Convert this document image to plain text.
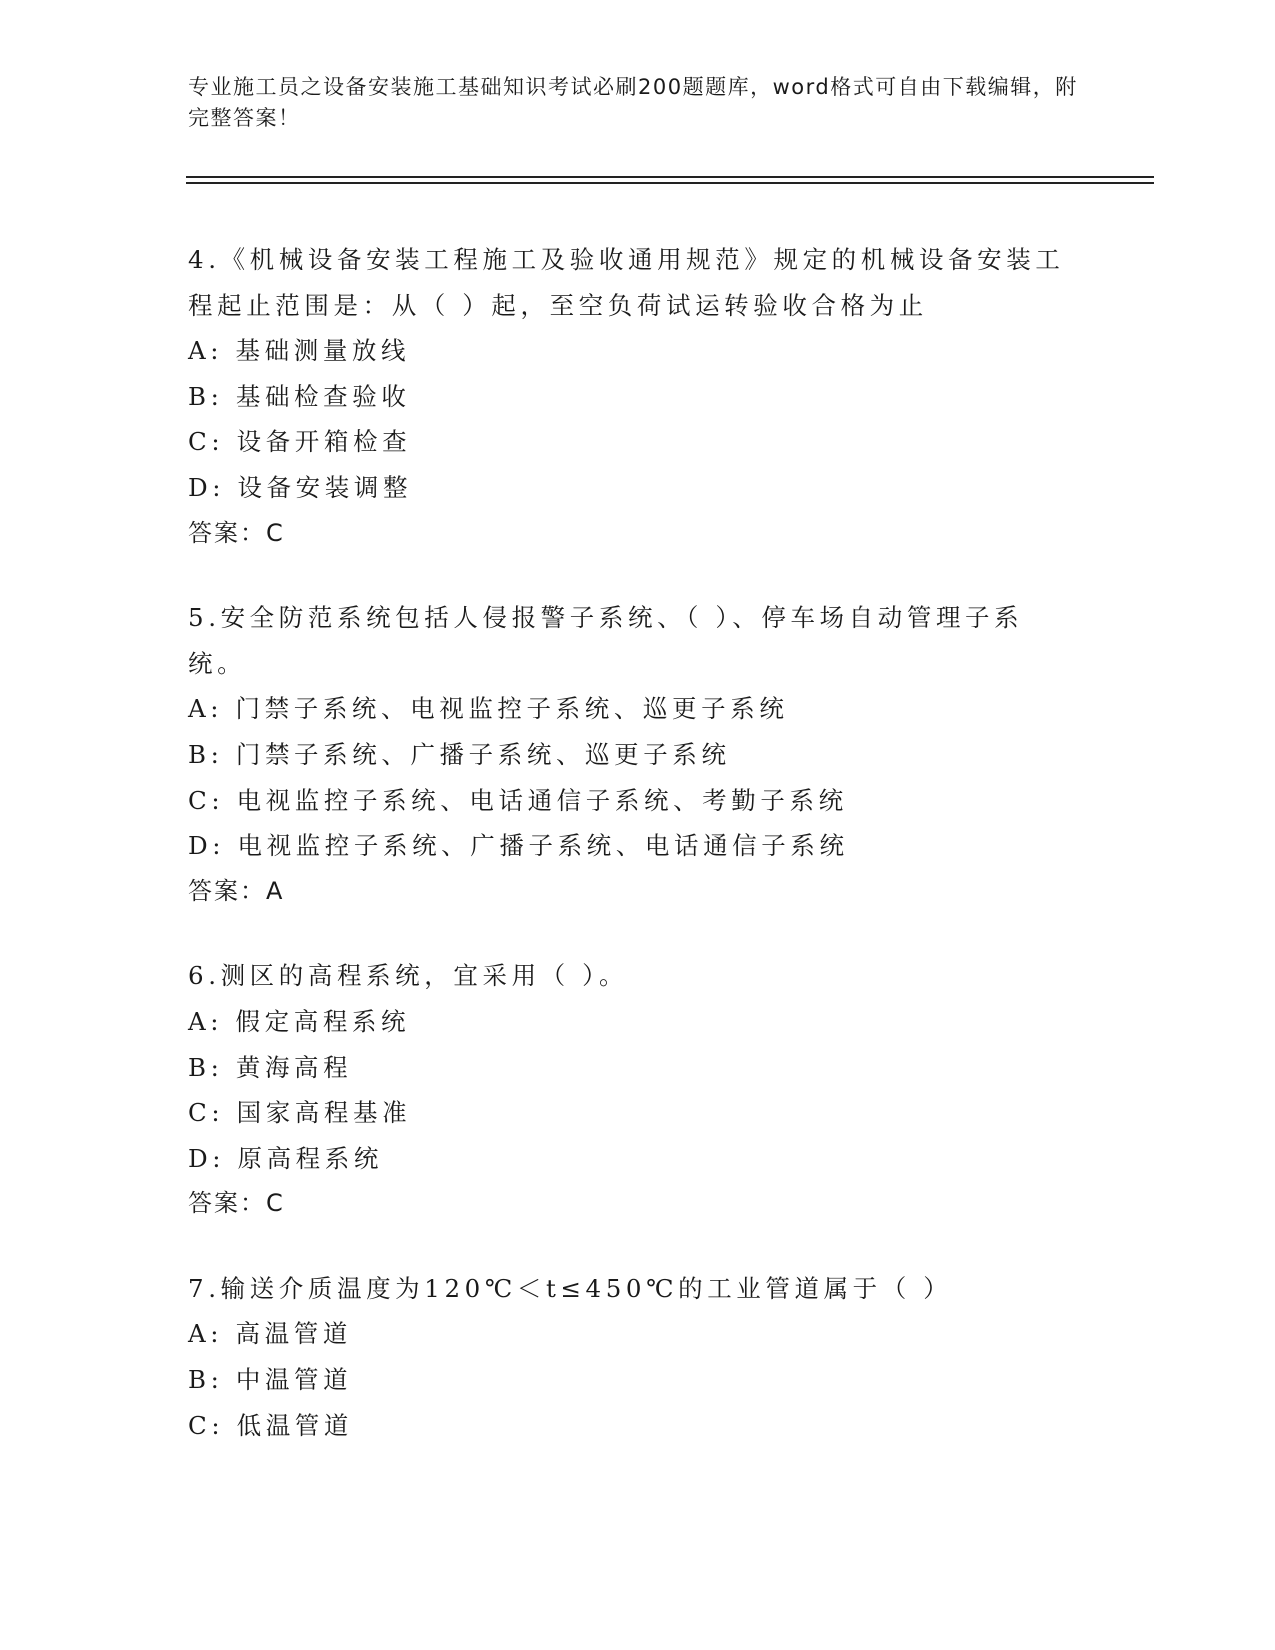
专业施工员之设备安装施工基础知识考试必刷200题题库，word格式可自由下载编辑，附完整答案！
4.《机械设备安装工程施工及验收通用规范》规定的机械设备安装工程起止范围是：从（ ）起，至空负荷试运转验收合格为止
A: 基础测量放线
B: 基础检查验收
C: 设备开箱检查
D: 设备安装调整
答案：C
5.安全防范系统包括人侵报警子系统、（ ）、停车场自动管理子系统。
A: 门禁子系统、电视监控子系统、巡更子系统
B: 门禁子系统、广播子系统、巡更子系统
C: 电视监控子系统、电话通信子系统、考勤子系统
D: 电视监控子系统、广播子系统、电话通信子系统
答案：A
6.测区的高程系统，宜采用（ ）。
A: 假定高程系统
B: 黄海高程
C: 国家高程基准
D: 原高程系统
答案：C
7.输送介质温度为120℃＜t≤450℃的工业管道属于（ ）
A: 高温管道
B: 中温管道
C: 低温管道
